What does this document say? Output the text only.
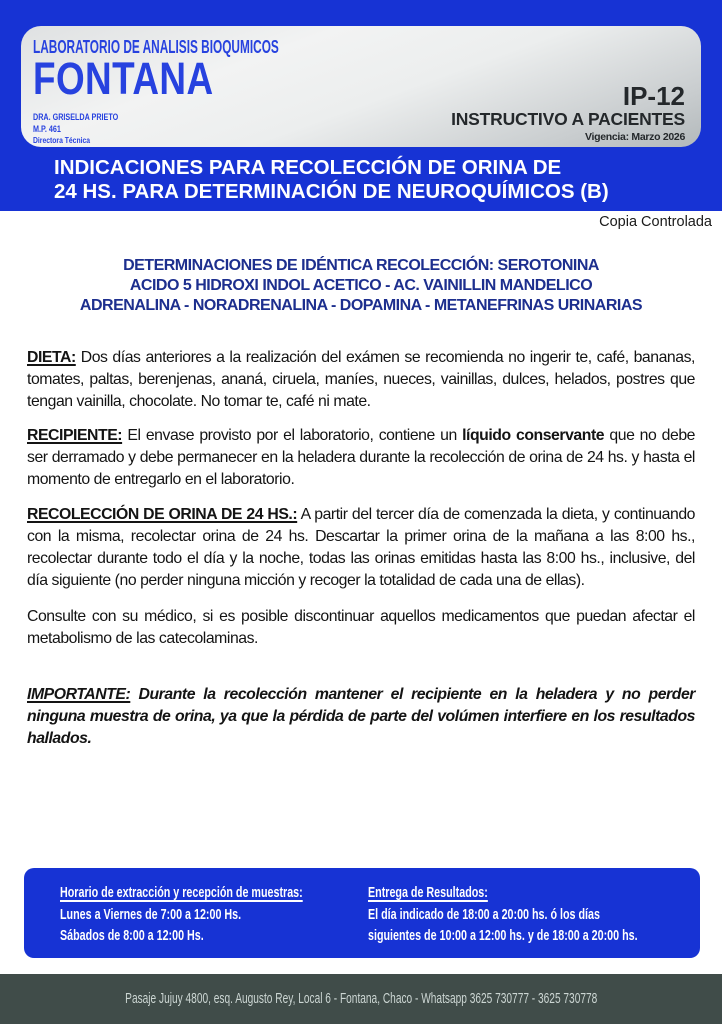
LABORATORIO DE ANALISIS BIOQUMICOS
FONTANA
DRA. GRISELDA PRIETO
M.P. 461
Directora Técnica
IP-12
INSTRUCTIVO A PACIENTES
Vigencia: Marzo 2026
INDICACIONES PARA RECOLECCIÓN DE ORINA DE
24 HS. PARA DETERMINACIÓN DE NEUROQUÍMICOS (B)
Copia Controlada
DETERMINACIONES DE IDÉNTICA RECOLECCIÓN: SEROTONINA
ACIDO 5 HIDROXI INDOL ACETICO - AC. VAINILLIN MANDELICO
ADRENALINA - NORADRENALINA - DOPAMINA - METANEFRINAS URINARIAS

DIETA: Dos días anteriores a la realización del exámen se recomienda no ingerir te, café, bananas, tomates, paltas, berenjenas, ananá, ciruela, maníes, nueces, vainillas, dulces, helados, postres que tengan vainilla, chocolate. No tomar te, café ni mate.

RECIPIENTE: El envase provisto por el laboratorio, contiene un líquido conservante que no debe ser derramado y debe permanecer en la heladera durante la recolección de orina de 24 hs. y hasta el momento de entregarlo en el laboratorio.

RECOLECCIÓN DE ORINA DE 24 HS.: A partir del tercer día de comenzada la dieta, y continuando con la misma, recolectar orina de 24 hs. Descartar la primer orina de la mañana a las 8:00 hs., recolectar durante todo el día y la noche, todas las orinas emitidas hasta las 8:00 hs., inclusive, del día siguiente (no perder ninguna micción y recoger la totalidad de cada una de ellas).

Consulte con su médico, si es posible discontinuar aquellos medicamentos que puedan afectar el metabolismo de las catecolaminas.

IMPORTANTE: Durante la recolección mantener el recipiente en la heladera y no perder ninguna muestra de orina, ya que la pérdida de parte del volúmen interfiere en los resultados hallados.

Horario de extracción y recepción de muestras:
Lunes a Viernes de 7:00 a 12:00 Hs.
Sábados de 8:00 a 12:00 Hs.
Entrega de Resultados:
El día indicado de 18:00 a 20:00 hs. ó los días
siguientes de 10:00 a 12:00 hs. y de 18:00 a 20:00 hs.
Pasaje Jujuy 4800, esq. Augusto Rey, Local 6 - Fontana, Chaco - Whatsapp 3625 730777 - 3625 730778
